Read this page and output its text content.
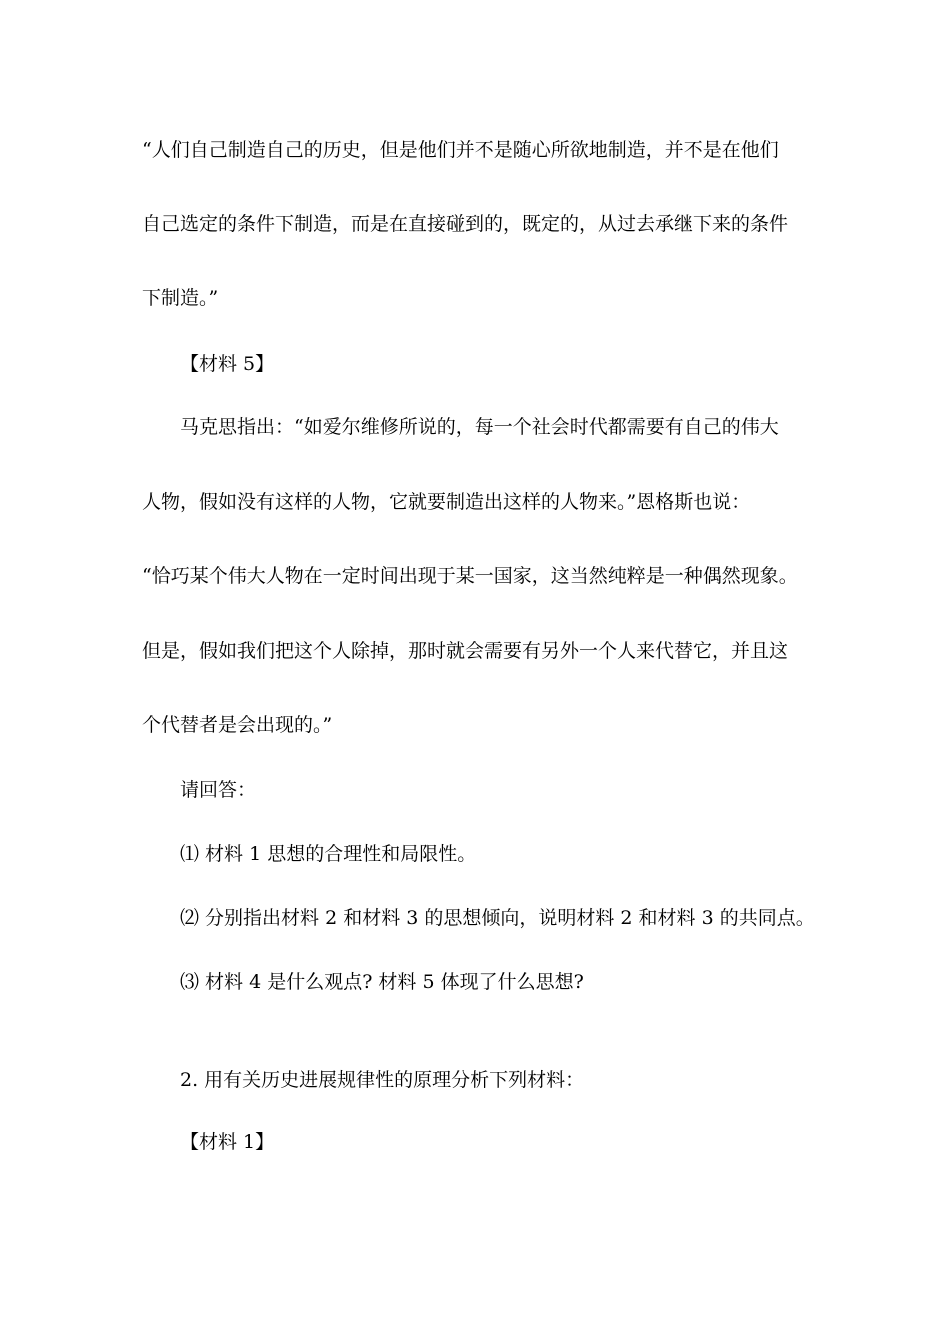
“人们自己制造自己的历史，但是他们并不是随心所欲地制造，并不是在他们
自己选定的条件下制造，而是在直接碰到的，既定的，从过去承继下来的条件
下制造。”
【材料 5】
马克思指出：“如爱尔维修所说的，每一个社会时代都需要有自己的伟大
人物，假如没有这样的人物，它就要制造出这样的人物来。”恩格斯也说：
“恰巧某个伟大人物在一定时间出现于某一国家，这当然纯粹是一种偶然现象。
但是，假如我们把这个人除掉，那时就会需要有另外一个人来代替它，并且这
个代替者是会出现的。”
请回答：
⑴ 材料 1 思想的合理性和局限性。
⑵ 分别指出材料 2 和材料 3 的思想倾向，说明材料 2 和材料 3 的共同点。
⑶ 材料 4 是什么观点? 材料 5 体现了什么思想?
2. 用有关历史进展规律性的原理分析下列材料：
【材料 1】
